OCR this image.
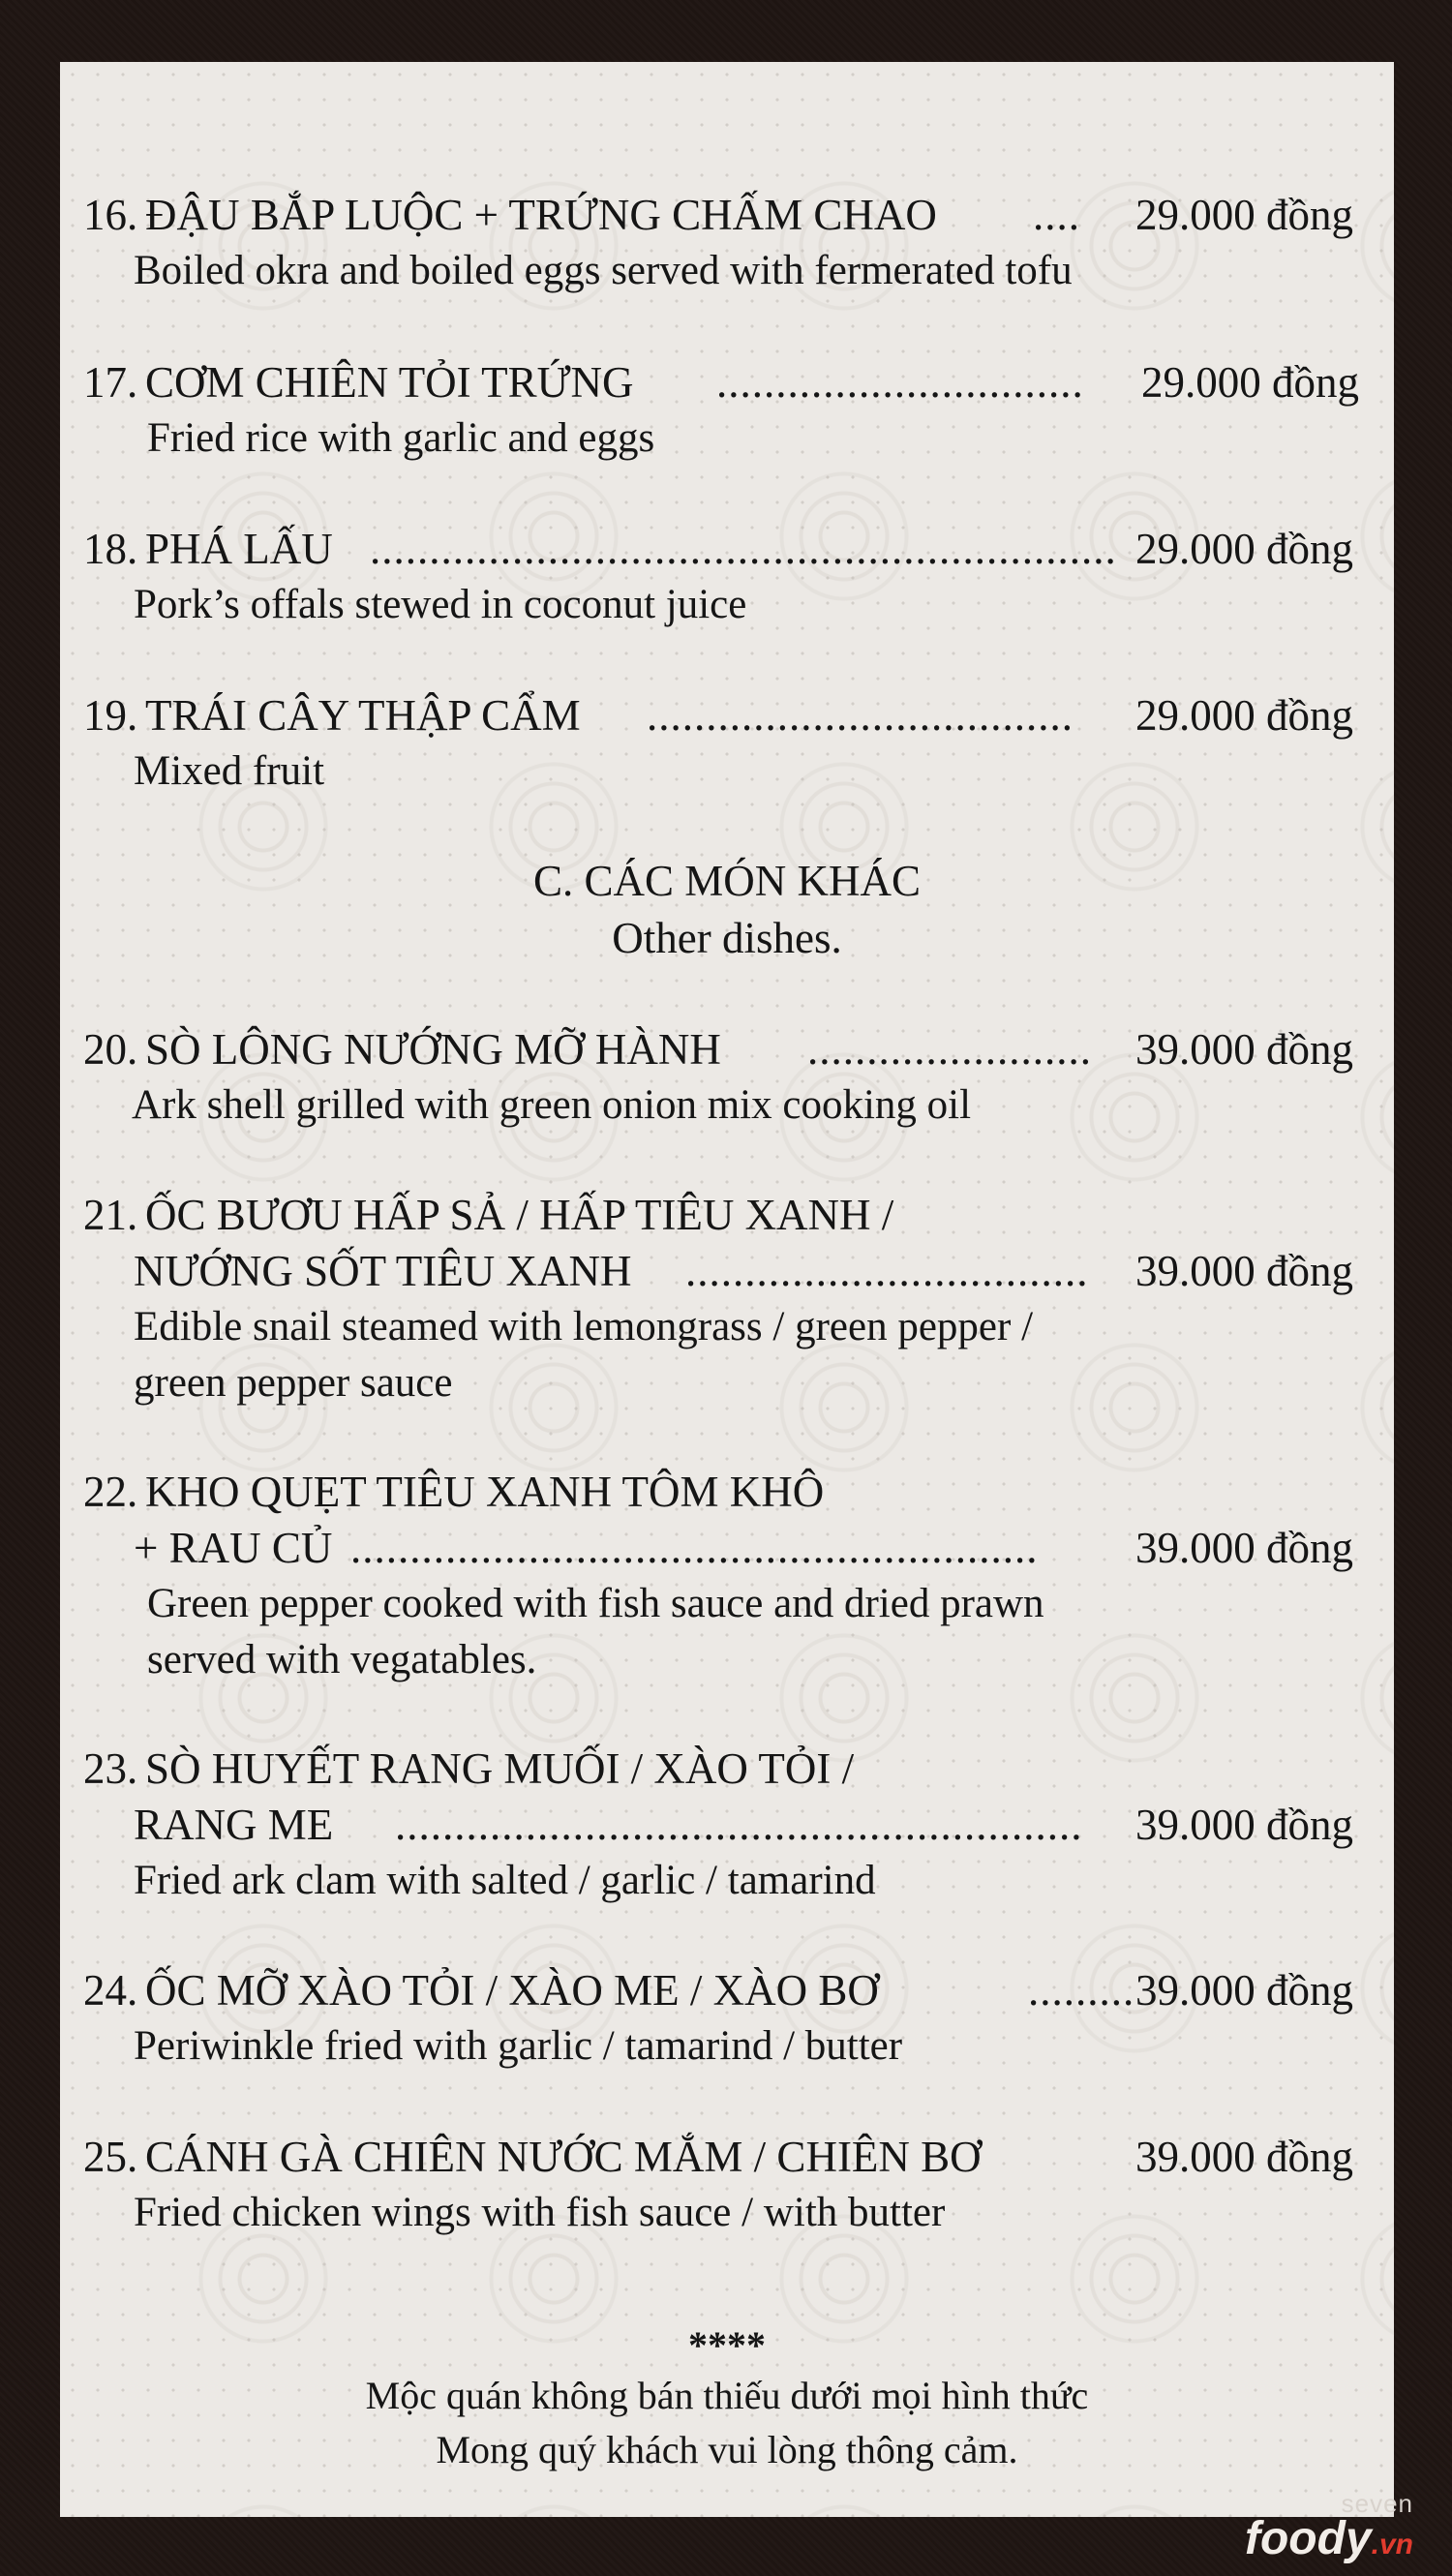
16. ĐẬU BẮP LUỘC + TRỨNG CHẤM CHAO .... 29.000 đồng
Boiled okra and boiled eggs served with fermerated tofu
17. CƠM CHIÊN TỎI TRỨNG ...............................	29.000 đồng
Fried rice with garlic and eggs
18. PHÁ LẤU ............................................................... 29.000 đồng
Pork’s offals stewed in coconut juice
19. TRÁI CÂY THẬP CẨM ....................................	29.000 đồng
Mixed fruit
C. CÁC MÓN KHÁC
Other dishes.
20. SÒ LÔNG NƯỚNG MỠ HÀNH ........................	39.000 đồng
Ark shell grilled with green onion mix cooking oil
21. ỐC BƯƠU HẤP SẢ / HẤP TIÊU XANH /
NƯỚNG SỐT TIÊU XANH ..................................	39.000 đồng
Edible snail steamed with lemongrass / green pepper /
green pepper sauce
22. KHO QUẸT TIÊU XANH TÔM KHÔ
+ RAU CỦ ..........................................................	39.000 đồng
Green pepper cooked with fish sauce and dried prawn
served with vegatables.
23. SÒ HUYẾT RANG MUỐI / XÀO TỎI /
RANG ME ..........................................................	39.000 đồng
Fried ark clam with salted / garlic / tamarind
24. ỐC MỠ XÀO TỎI / XÀO ME / XÀO BƠ	......... 39.000 đồng
Periwinkle fried with garlic / tamarind / butter
25. CÁNH GÀ CHIÊN NƯỚC MẮM / CHIÊN BƠ	39.000 đồng
Fried chicken wings with fish sauce / with butter
****
Mộc quán không bán thiếu dưới mọi hình thức
Mong quý khách vui lòng thông cảm.
seven
foody.vn
